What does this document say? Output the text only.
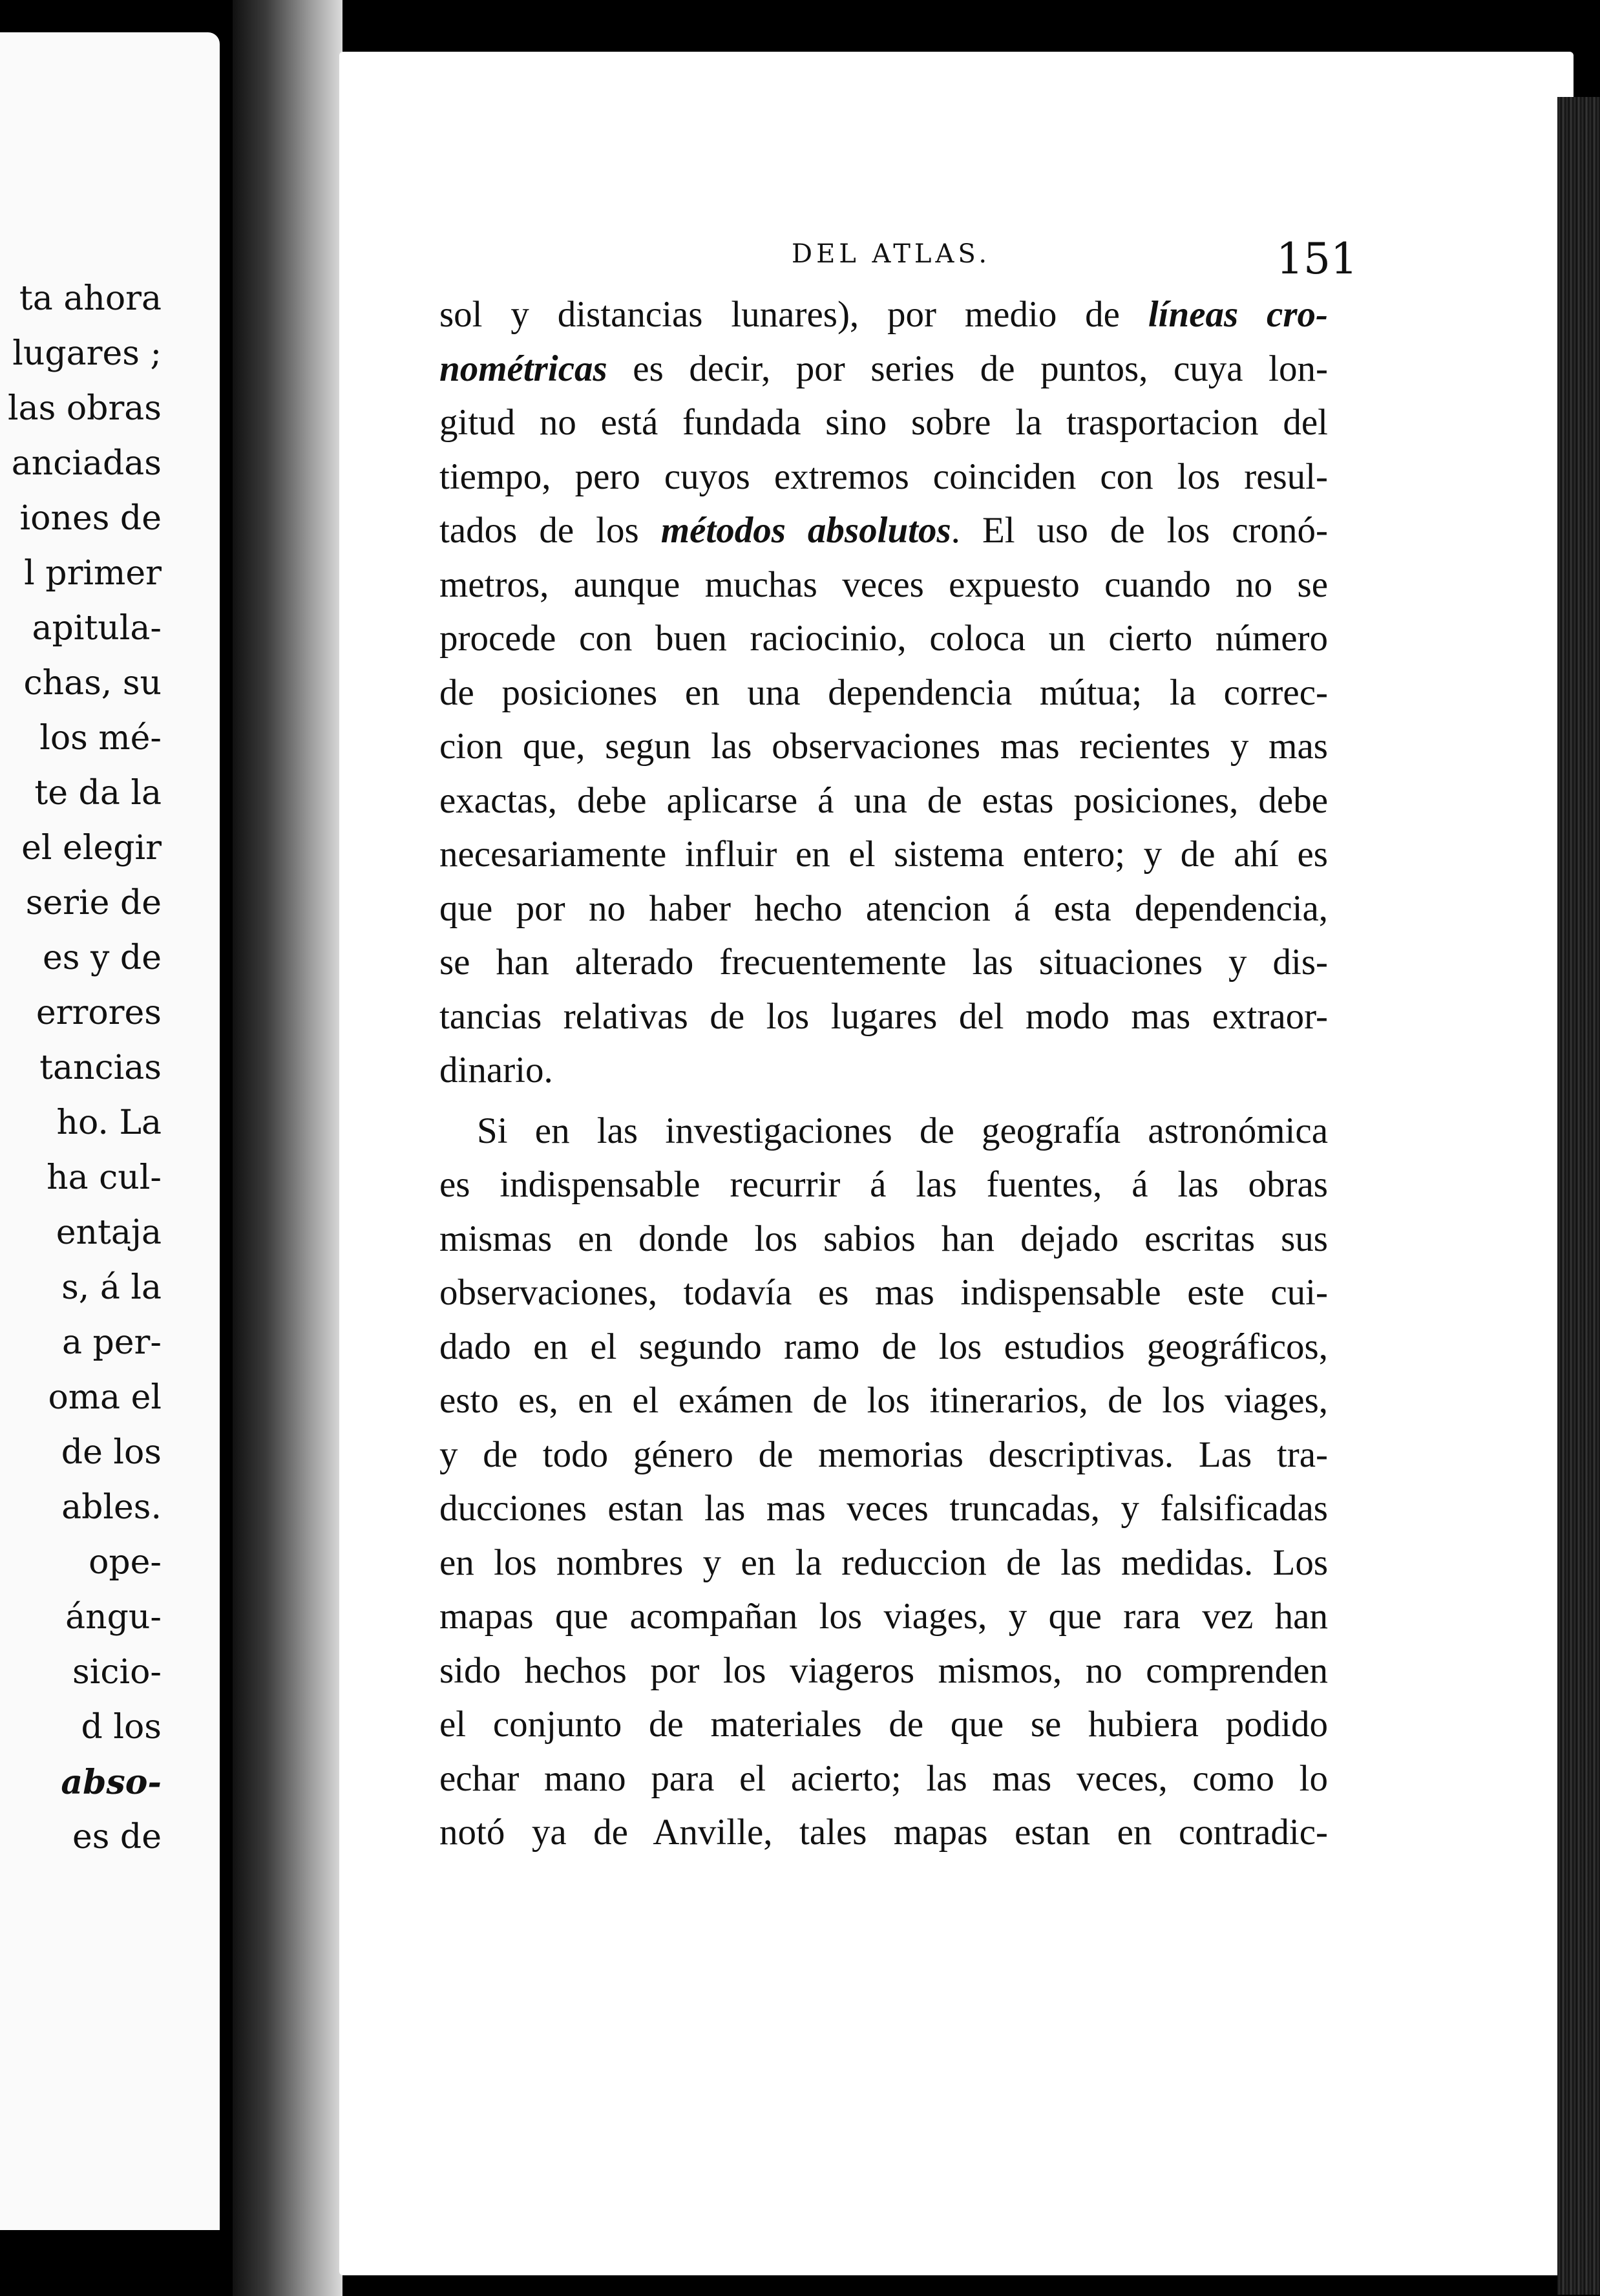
ta ahora
lugares ;
las obras
anciadas
iones de
l primer
apitula-
chas, su
los mé-
te da la
el elegir
serie de
es y de
errores
tancias
ho. La
ha cul-
entaja
s, á la
a per-
oma el
de los
ables.
ope-
ángu-
sicio-
d los
abso-
es de
DEL ATLAS.	151
sol y distancias lunares), por medio de líneas cro-
nométricas es decir, por series de puntos, cuya lon-
gitud no está fundada sino sobre la trasportacion del
tiempo, pero cuyos extremos coinciden con los resul-
tados de los métodos absolutos. El uso de los cronó-
metros, aunque muchas veces expuesto cuando no se
procede con buen raciocinio, coloca un cierto número
de posiciones en una dependencia mútua; la correc-
cion que, segun las observaciones mas recientes y mas
exactas, debe aplicarse á una de estas posiciones, debe
necesariamente influir en el sistema entero; y de ahí es
que por no haber hecho atencion á esta dependencia,
se han alterado frecuentemente las situaciones y dis-
tancias relativas de los lugares del modo mas extraor-
dinario.
Si en las investigaciones de geografía astronómica
es indispensable recurrir á las fuentes, á las obras
mismas en donde los sabios han dejado escritas sus
observaciones, todavía es mas indispensable este cui-
dado en el segundo ramo de los estudios geográficos,
esto es, en el exámen de los itinerarios, de los viages,
y de todo género de memorias descriptivas. Las tra-
ducciones estan las mas veces truncadas, y falsificadas
en los nombres y en la reduccion de las medidas. Los
mapas que acompañan los viages, y que rara vez han
sido hechos por los viageros mismos, no comprenden
el conjunto de materiales de que se hubiera podido
echar mano para el acierto; las mas veces, como lo
notó ya de Anville, tales mapas estan en contradic-
